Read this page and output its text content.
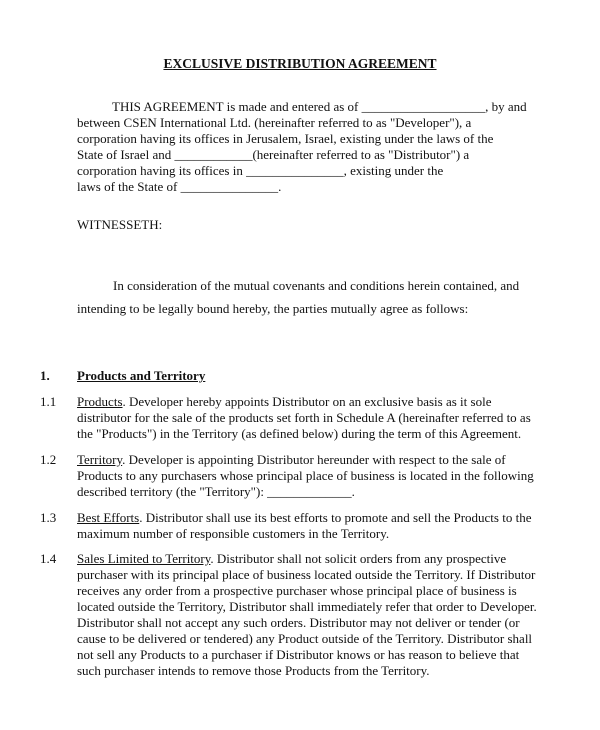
EXCLUSIVE DISTRIBUTION AGREEMENT
THIS AGREEMENT is made and entered as of ___________________, by and
between CSEN International Ltd. (hereinafter referred to as "Developer"), a
corporation having its offices in Jerusalem, Israel, existing under the laws of the
State of Israel and ____________(hereinafter referred to as "Distributor") a
corporation having its offices in _______________, existing under the
laws of the State of _______________.
WITNESSETH:
In consideration of the mutual covenants and conditions herein contained, and
intending to be legally bound hereby, the parties mutually agree as follows:
1. Products and Territory
1.1 Products. Developer hereby appoints Distributor on an exclusive basis as it sole
distributor for the sale of the products set forth in Schedule A (hereinafter referred to as
the "Products") in the Territory (as defined below) during the term of this Agreement.
1.2 Territory. Developer is appointing Distributor hereunder with respect to the sale of
Products to any purchasers whose principal place of business is located in the following
described territory (the "Territory"): _____________.
1.3 Best Efforts. Distributor shall use its best efforts to promote and sell the Products to the
maximum number of responsible customers in the Territory.
1.4 Sales Limited to Territory. Distributor shall not solicit orders from any prospective
purchaser with its principal place of business located outside the Territory. If Distributor
receives any order from a prospective purchaser whose principal place of business is
located outside the Territory, Distributor shall immediately refer that order to Developer.
Distributor shall not accept any such orders. Distributor may not deliver or tender (or
cause to be delivered or tendered) any Product outside of the Territory. Distributor shall
not sell any Products to a purchaser if Distributor knows or has reason to believe that
such purchaser intends to remove those Products from the Territory.
